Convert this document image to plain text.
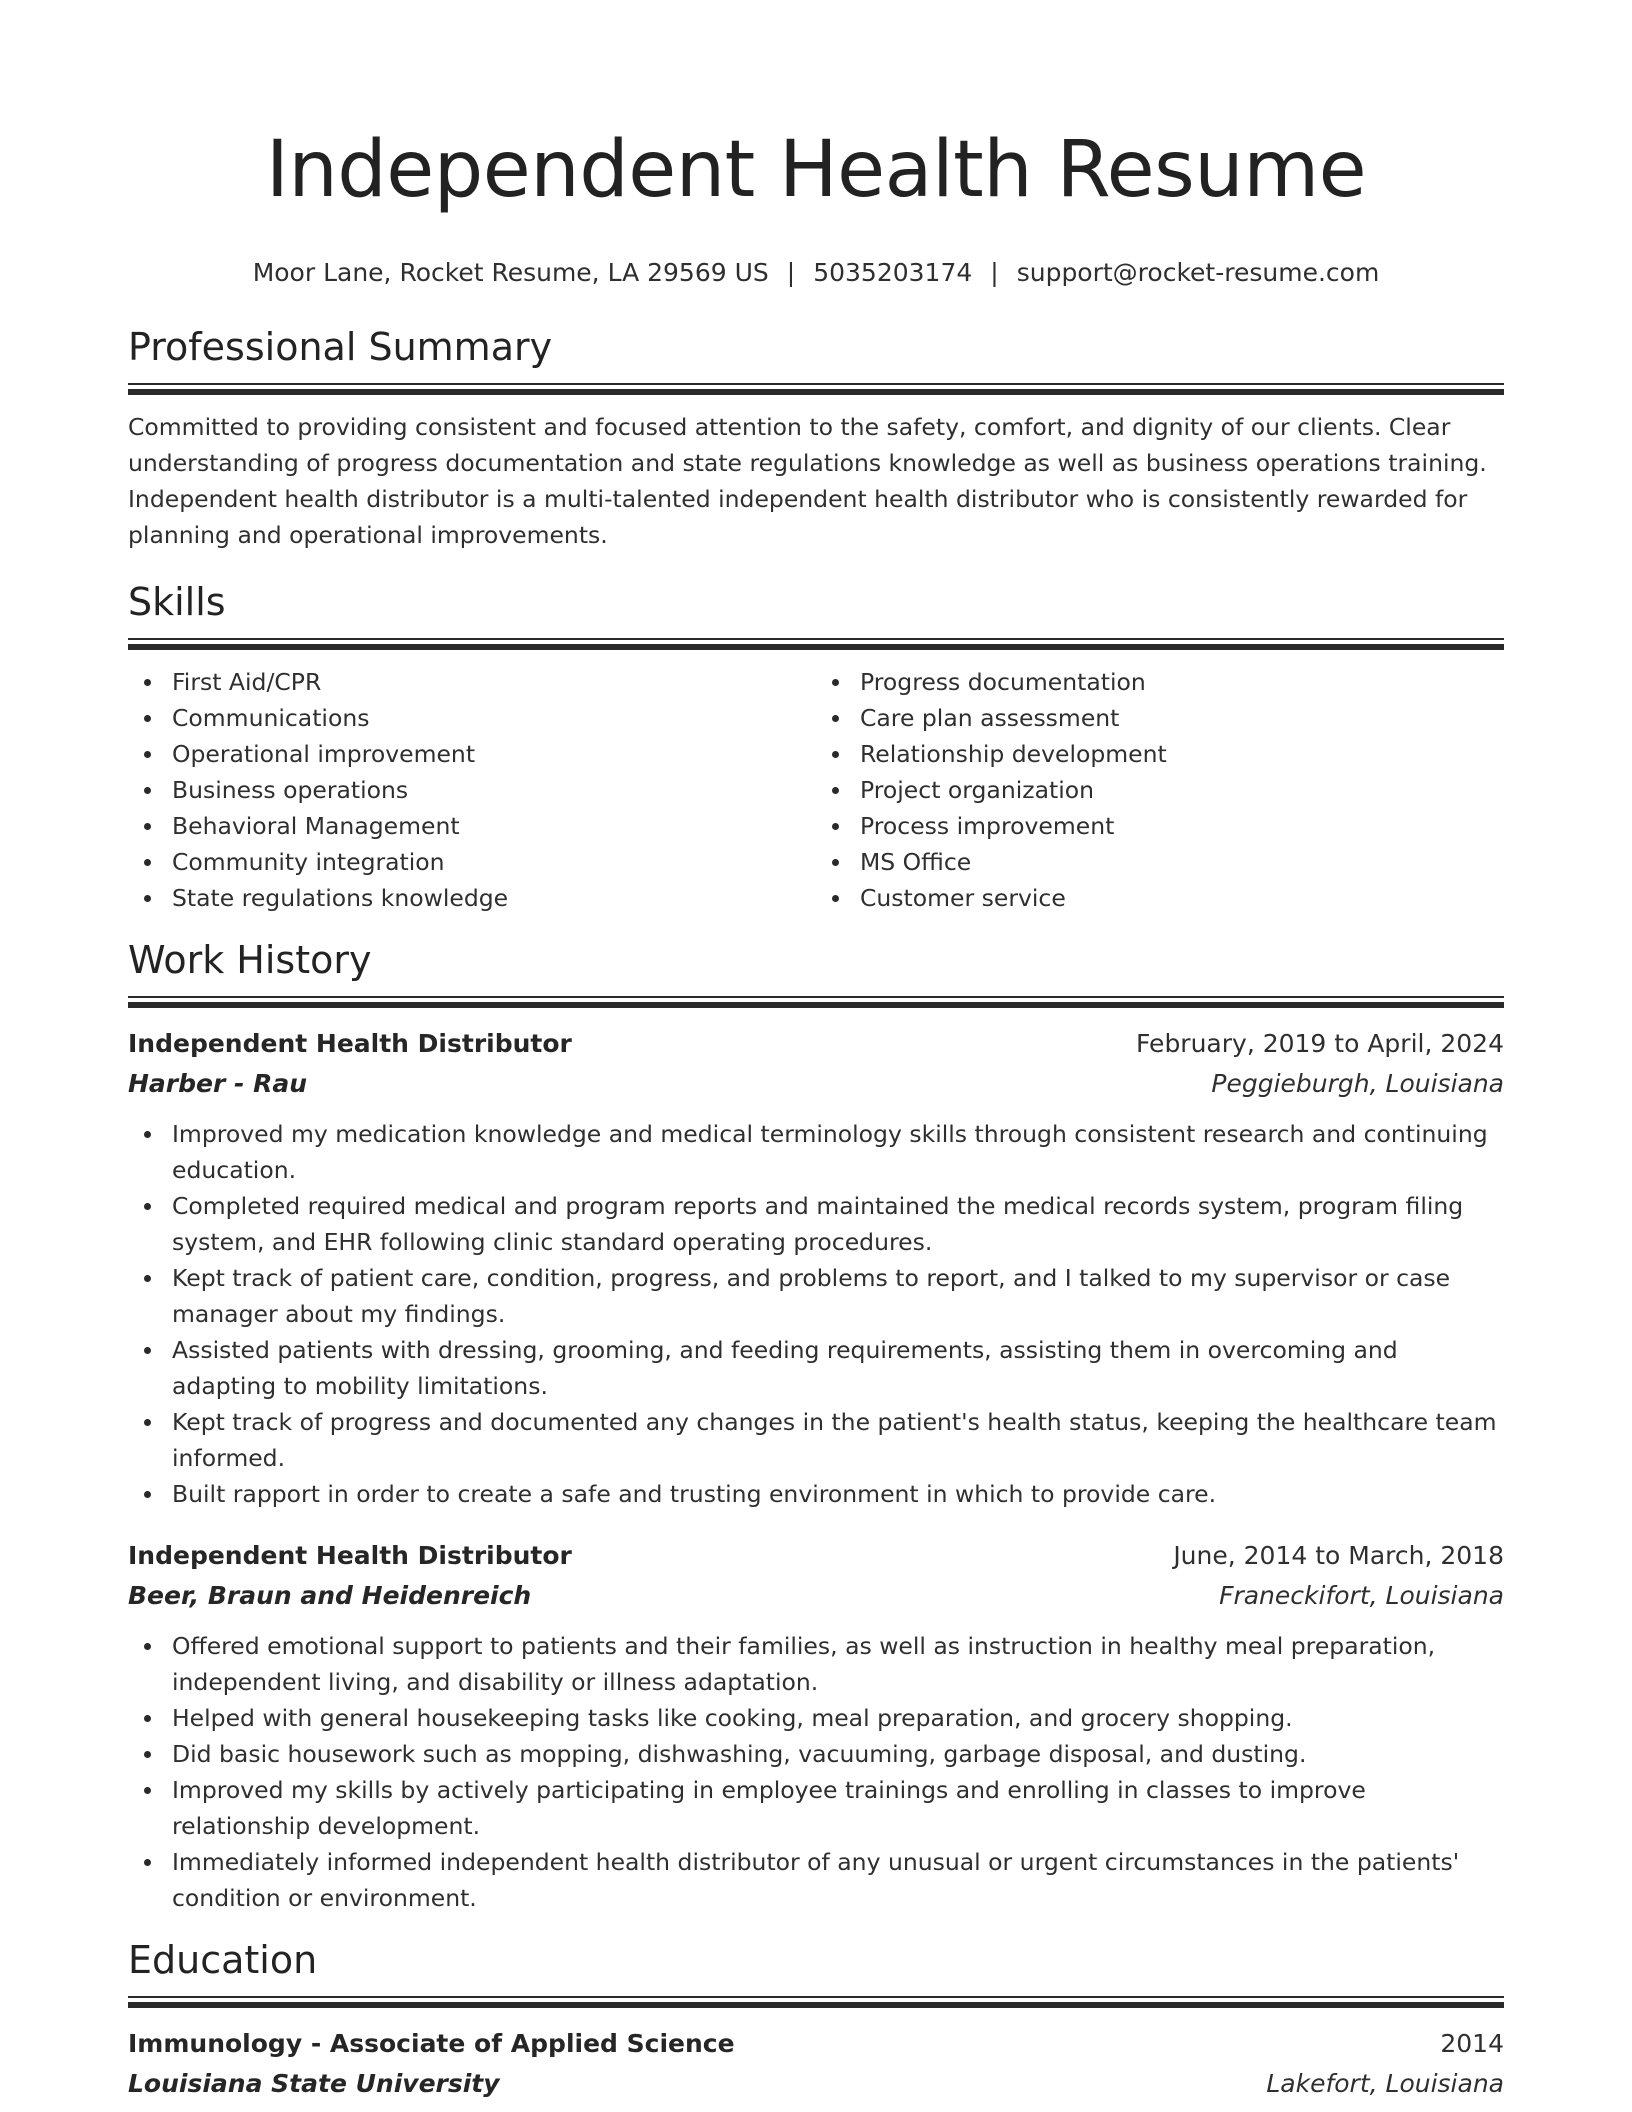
Independent Health Resume
Moor Lane, Rocket Resume, LA 29569 US | 5035203174 | support@rocket-resume.com
Professional Summary

Committed to providing consistent and focused attention to the safety, comfort, and dignity of our clients. Clear understanding of progress documentation and state regulations knowledge as well as business operations training. Independent health distributor is a multi-talented independent health distributor who is consistently rewarded for planning and operational improvements.

Skills
First Aid/CPR
Communications
Operational improvement
Business operations
Behavioral Management
Community integration
State regulations knowledge
Progress documentation
Care plan assessment
Relationship development
Project organization
Process improvement
MS Office
Customer service
Work History
Independent Health Distributor	February, 2019 to April, 2024
Harber - Rau	Peggieburgh, Louisiana
Improved my medication knowledge and medical terminology skills through consistent research and continuing education.
Completed required medical and program reports and maintained the medical records system, program filing system, and EHR following clinic standard operating procedures.
Kept track of patient care, condition, progress, and problems to report, and I talked to my supervisor or case manager about my findings.
Assisted patients with dressing, grooming, and feeding requirements, assisting them in overcoming and adapting to mobility limitations.
Kept track of progress and documented any changes in the patient's health status, keeping the healthcare team informed.
Built rapport in order to create a safe and trusting environment in which to provide care.
Independent Health Distributor	June, 2014 to March, 2018
Beer, Braun and Heidenreich	Franeckifort, Louisiana
Offered emotional support to patients and their families, as well as instruction in healthy meal preparation, independent living, and disability or illness adaptation.
Helped with general housekeeping tasks like cooking, meal preparation, and grocery shopping.
Did basic housework such as mopping, dishwashing, vacuuming, garbage disposal, and dusting.
Improved my skills by actively participating in employee trainings and enrolling in classes to improve relationship development.
Immediately informed independent health distributor of any unusual or urgent circumstances in the patients' condition or environment.
Education
Immunology - Associate of Applied Science	2014
Louisiana State University	Lakefort, Louisiana
